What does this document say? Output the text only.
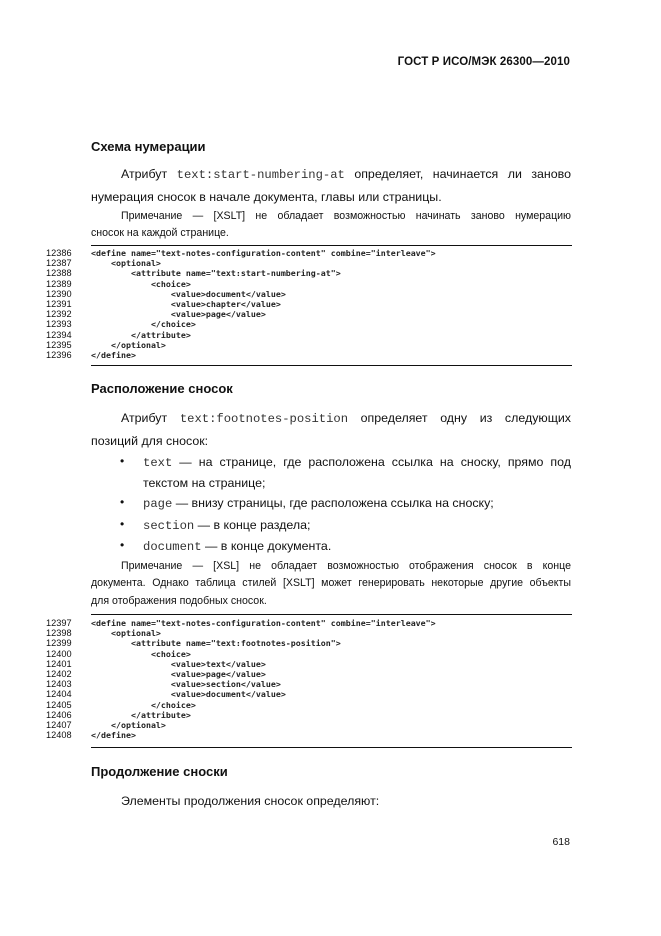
ГОСТ Р ИСО/МЭК 26300—2010
Схема нумерации
Атрибут text:start-numbering-at определяет, начинается ли заново
нумерация сносок в начале документа, главы или страницы.
Примечание — [XSLT] не обладает возможностью начинать заново нумерацию
сносок на каждой странице.
12386
12387
12388
12389
12390
12391
12392
12393
12394
12395
12396
<define name="text-notes-configuration-content" combine="interleave">
<optional>
<attribute name="text:start-numbering-at">
<choice>
<value>document</value>
<value>chapter</value>
<value>page</value>
</choice>
</attribute>
</optional>
</define>
Расположение сносок
Атрибут text:footnotes-position определяет одну из следующих
позиций для сносок:
• text — на странице, где расположена ссылка на сноску, прямо под
текстом на странице;
• page — внизу страницы, где расположена ссылка на сноску;
• section — в конце раздела;
• document — в конце документа.
Примечание — [XSL] не обладает возможностью отображения сносок в конце
документа. Однако таблица стилей [XSLT] может генерировать некоторые другие объекты
для отображения подобных сносок.
12397
12398
12399
12400
12401
12402
12403
12404
12405
12406
12407
12408
<define name="text-notes-configuration-content" combine="interleave">
<optional>
<attribute name="text:footnotes-position">
<choice>
<value>text</value>
<value>page</value>
<value>section</value>
<value>document</value>
</choice>
</attribute>
</optional>
</define>
Продолжение сноски
Элементы продолжения сносок определяют:
618
